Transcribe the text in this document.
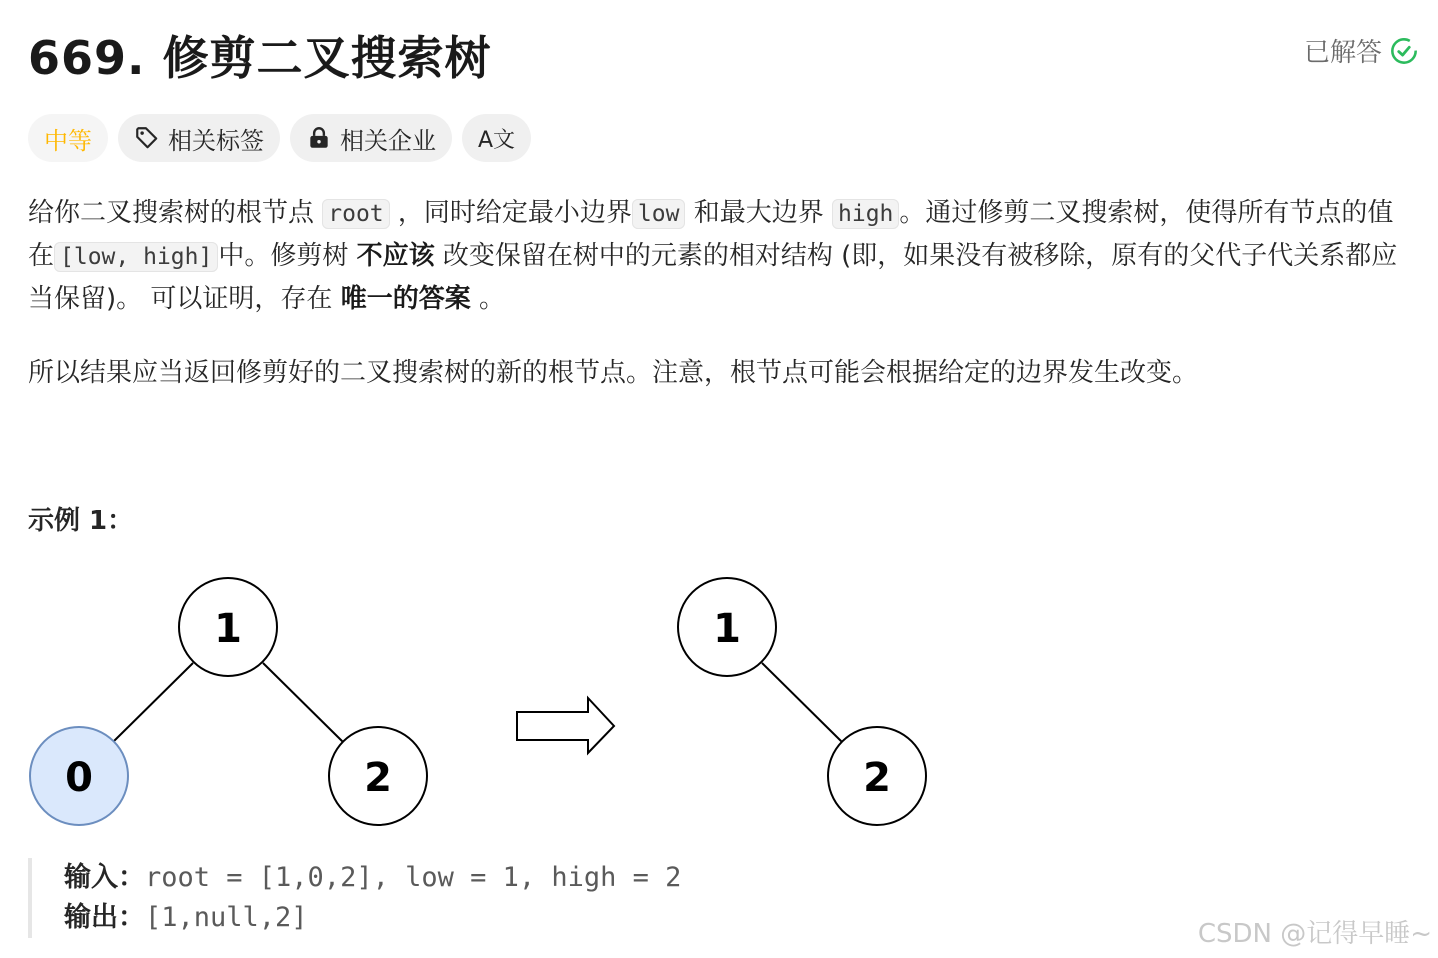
669. 修剪二叉搜索树	已解答
中等	相关标签	相关企业 A文

给你二叉搜索树的根节点 root ，同时给定最小边界 low 和最大边界 high 。通过修剪二叉搜索树，使得所有节点的值在 [low, high] 中。修剪树 不应该 改变保留在树中的元素的相对结构 (即，如果没有被移除，原有的父代子代关系都应当保留)。 可以证明，存在 唯一的答案 。

所以结果应当返回修剪好的二叉搜索树的新的根节点。注意，根节点可能会根据给定的边界发生改变。

示例 1：
1
0	2
1
2
输入：root = [1,0,2], low = 1, high = 2
输出：[1,null,2]
CSDN @记得早睡~
